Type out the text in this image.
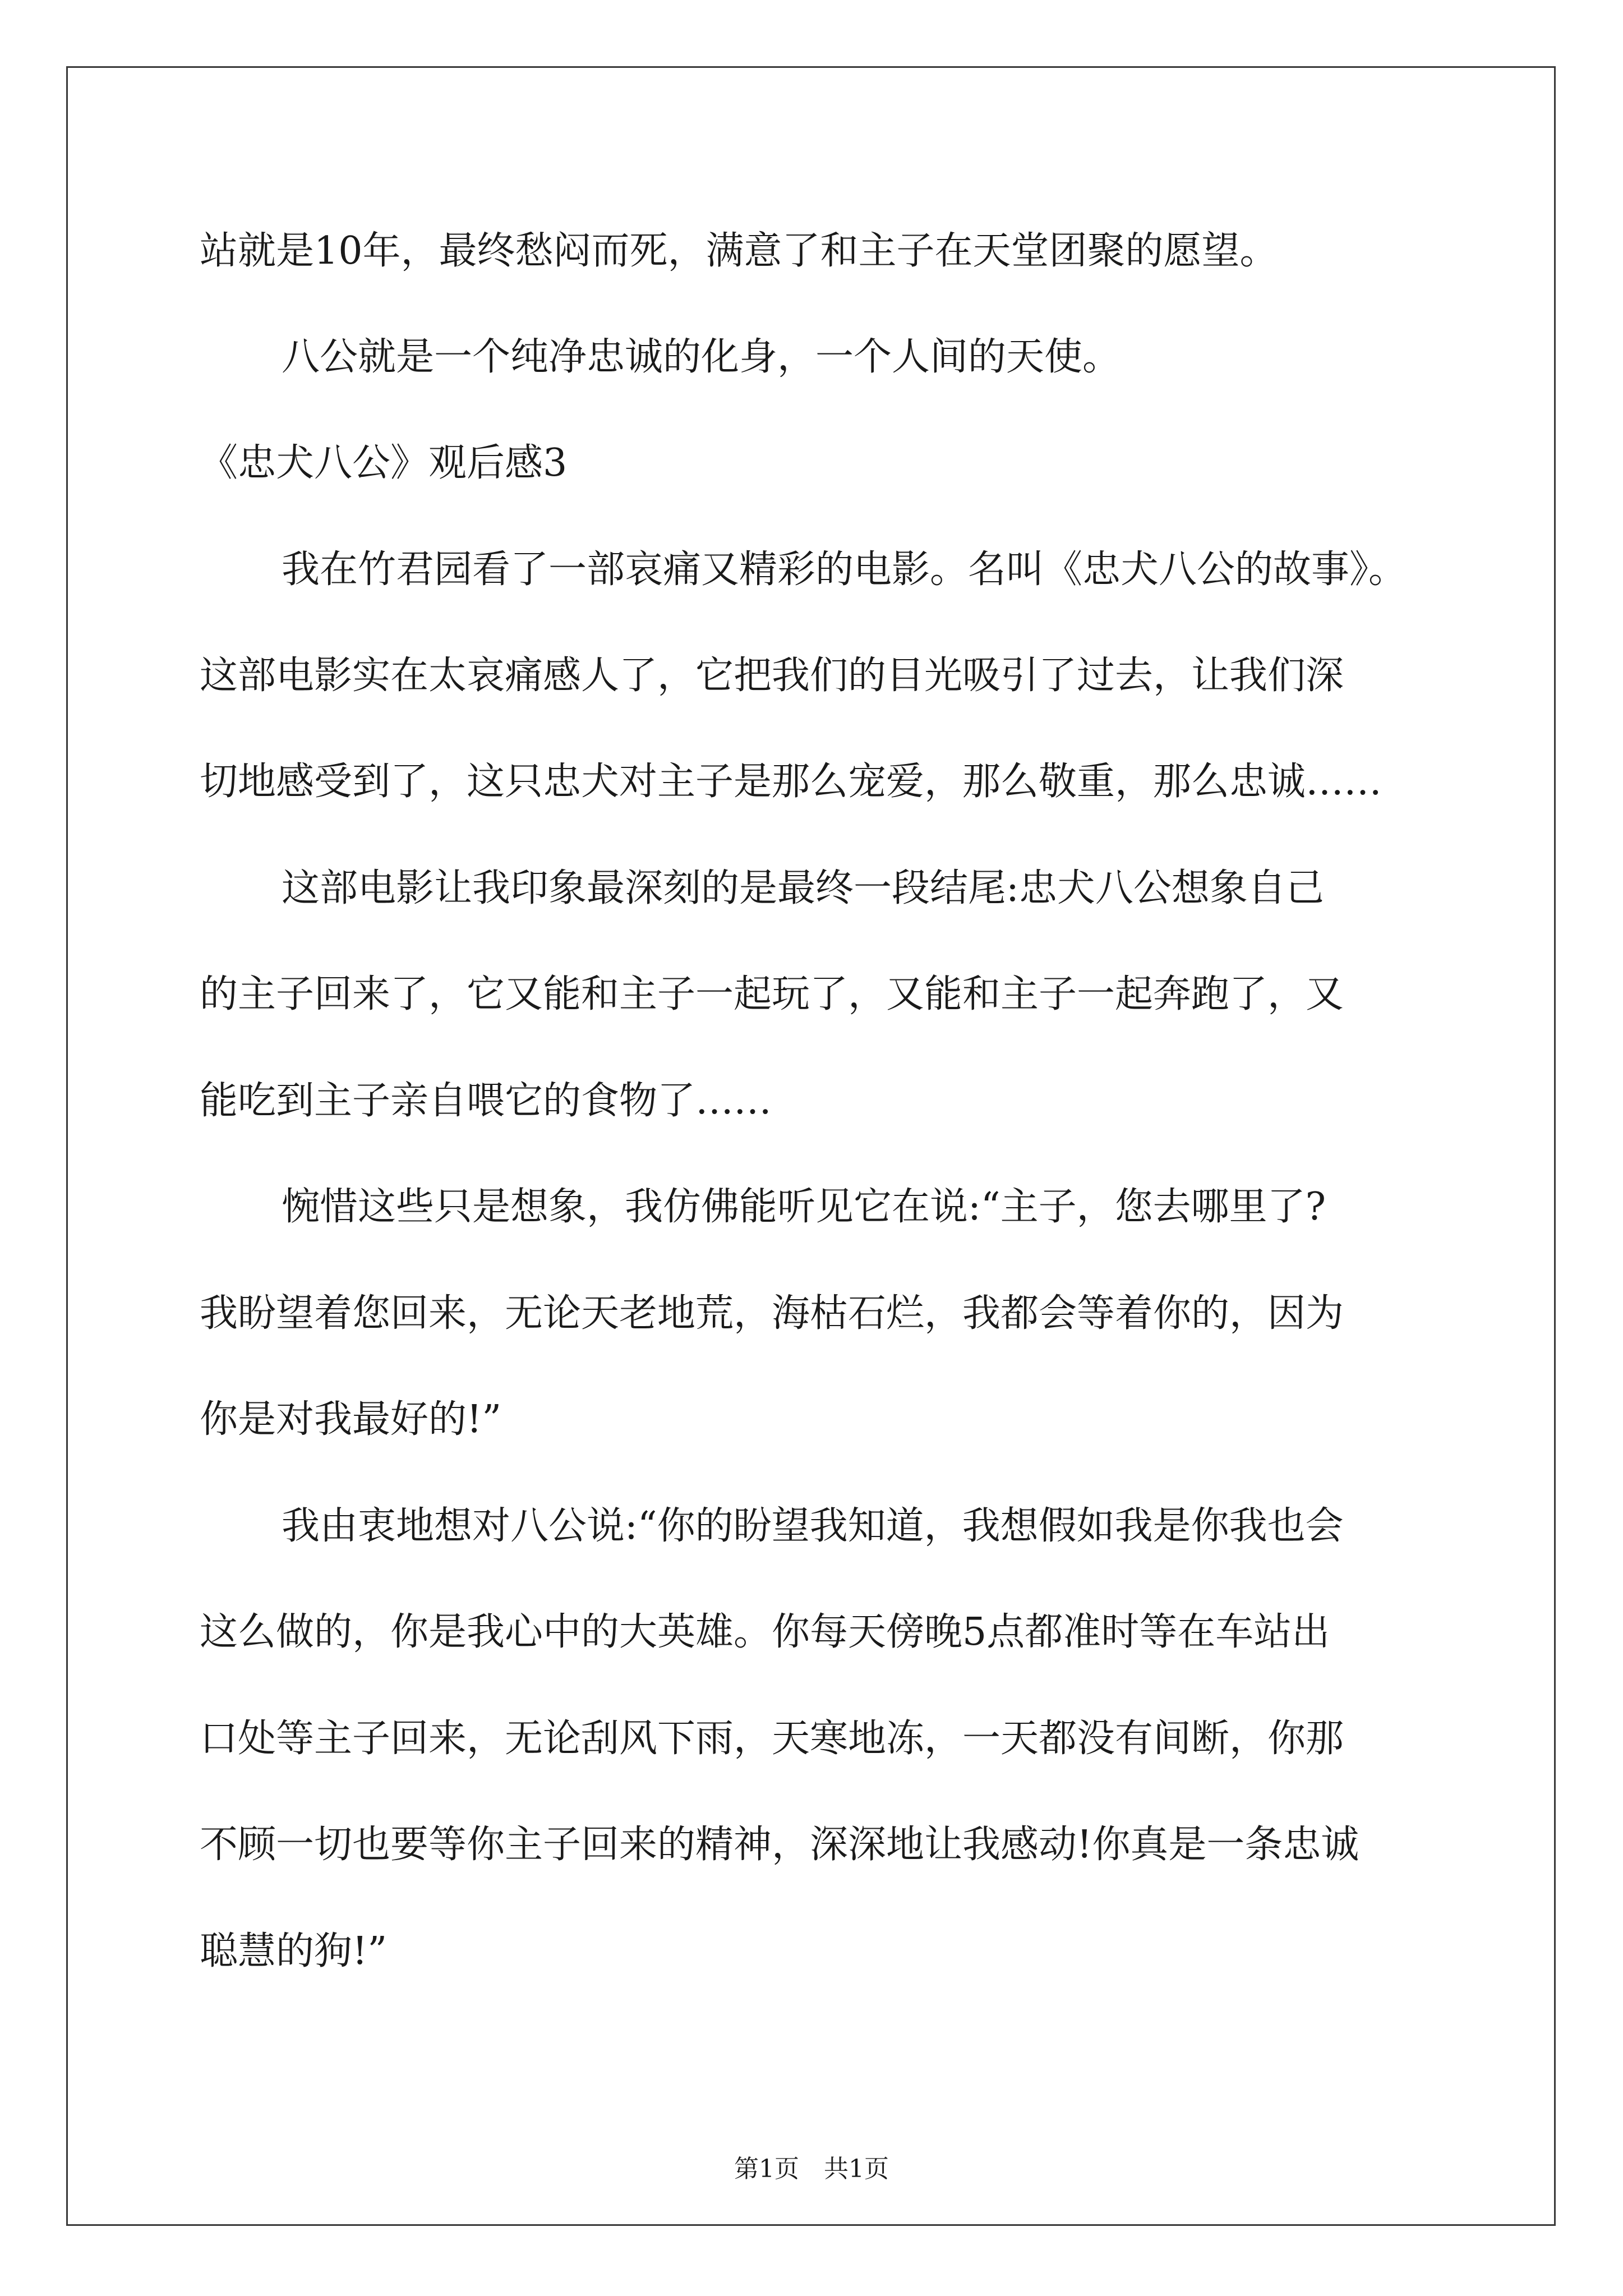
站就是10年，最终愁闷而死，满意了和主子在天堂团聚的愿望。
八公就是一个纯净忠诚的化身，一个人间的天使。
《忠犬八公》观后感3
我在竹君园看了一部哀痛又精彩的电影。名叫《忠犬八公的故事》。
这部电影实在太哀痛感人了，它把我们的目光吸引了过去，让我们深
切地感受到了，这只忠犬对主子是那么宠爱，那么敬重，那么忠诚……
这部电影让我印象最深刻的是最终一段结尾:忠犬八公想象自己
的主子回来了，它又能和主子一起玩了，又能和主子一起奔跑了，又
能吃到主子亲自喂它的食物了……
惋惜这些只是想象，我仿佛能听见它在说:“主子，您去哪里了?
我盼望着您回来，无论天老地荒，海枯石烂，我都会等着你的，因为
你是对我最好的!”
我由衷地想对八公说:“你的盼望我知道，我想假如我是你我也会
这么做的，你是我心中的大英雄。你每天傍晚5点都准时等在车站出
口处等主子回来，无论刮风下雨，天寒地冻，一天都没有间断，你那
不顾一切也要等你主子回来的精神，深深地让我感动!你真是一条忠诚
聪慧的狗!”
第1页　共1页
